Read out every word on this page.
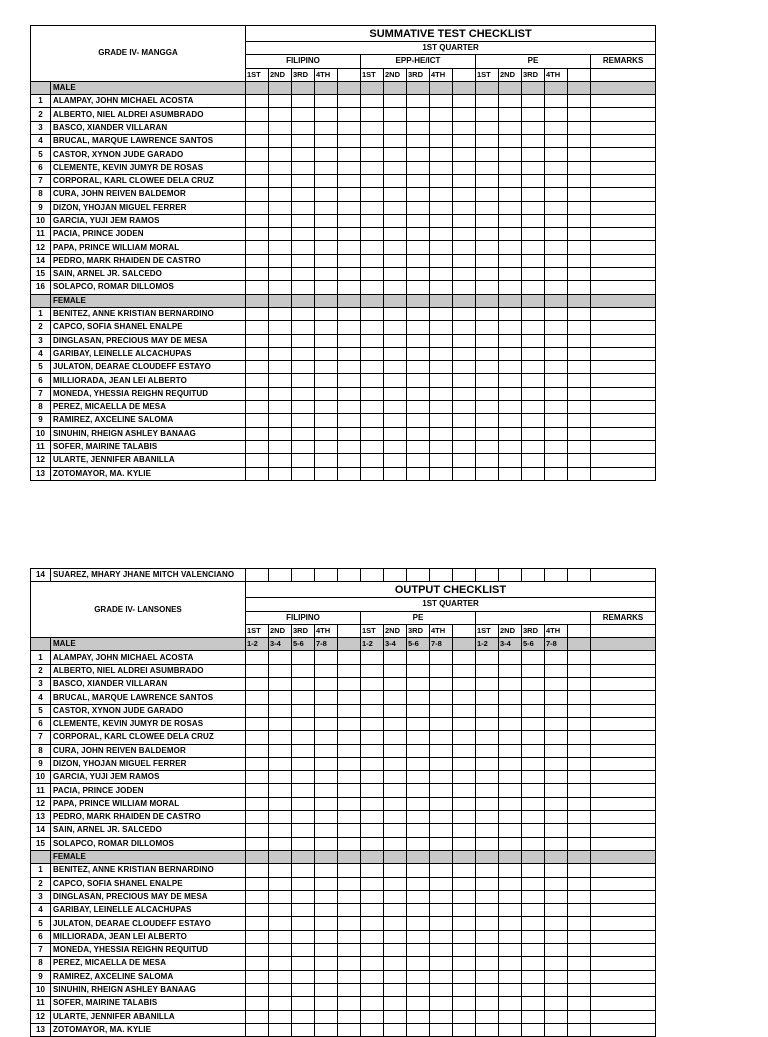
GRADE IV- MANGGA		SUMMATIVE TEST CHECKLIST															
		1ST QUARTER															
		FILIPINO					EPP-HE/ICT					PE					REMARKS
		1ST	2ND	3RD	4TH		1ST	2ND	3RD	4TH		1ST	2ND	3RD	4TH		
	MALE																
1	ALAMPAY, JOHN MICHAEL ACOSTA																
2	ALBERTO, NIEL ALDREI ASUMBRADO																
3	BASCO, XIANDER VILLARAN																
4	BRUCAL, MARQUE LAWRENCE SANTOS																
5	CASTOR, XYNON JUDE GARADO																
6	CLEMENTE, KEVIN JUMYR DE ROSAS																
7	CORPORAL, KARL CLOWEE DELA CRUZ																
8	CURA, JOHN REIVEN BALDEMOR																
9	DIZON, YHOJAN MIGUEL FERRER																
10	GARCIA, YUJI JEM RAMOS																
11	PACIA, PRINCE JODEN																
12	PAPA, PRINCE WILLIAM MORAL																
14	PEDRO, MARK RHAIDEN DE CASTRO																
15	SAIN, ARNEL JR. SALCEDO																
16	SOLAPCO, ROMAR DILLOMOS																
	FEMALE																
1	BENITEZ, ANNE KRISTIAN BERNARDINO																
2	CAPCO, SOFIA SHANEL ENALPE																
3	DINGLASAN, PRECIOUS MAY DE MESA																
4	GARIBAY, LEINELLE ALCACHUPAS																
5	JULATON, DEARAE CLOUDEFF ESTAYO																
6	MILLIORADA, JEAN LEI ALBERTO																
7	MONEDA, YHESSIA REIGHN REQUITUD																
8	PEREZ, MICAELLA DE MESA																
9	RAMIREZ, AXCELINE SALOMA																
10	SINUHIN, RHEIGN ASHLEY BANAAG																
11	SOFER, MAIRINE TALABIS																
12	ULARTE, JENNIFER ABANILLA																
13	ZOTOMAYOR, MA. KYLIE																
14	SUAREZ, MHARY JHANE MITCH VALENCIANO																
GRADE IV- LANSONES		OUTPUT CHECKLIST															
		1ST QUARTER															
		FILIPINO					PE										REMARKS
		1ST	2ND	3RD	4TH		1ST	2ND	3RD	4TH		1ST	2ND	3RD	4TH		
	MALE	1-2	3-4	5-6	7-8		1-2	3-4	5-6	7-8		1-2	3-4	5-6	7-8		
1	ALAMPAY, JOHN MICHAEL ACOSTA																
2	ALBERTO, NIEL ALDREI ASUMBRADO																
3	BASCO, XIANDER VILLARAN																
4	BRUCAL, MARQUE LAWRENCE SANTOS																
5	CASTOR, XYNON JUDE GARADO																
6	CLEMENTE, KEVIN JUMYR DE ROSAS																
7	CORPORAL, KARL CLOWEE DELA CRUZ																
8	CURA, JOHN REIVEN BALDEMOR																
9	DIZON, YHOJAN MIGUEL FERRER																
10	GARCIA, YUJI JEM RAMOS																
11	PACIA, PRINCE JODEN																
12	PAPA, PRINCE WILLIAM MORAL																
13	PEDRO, MARK RHAIDEN DE CASTRO																
14	SAIN, ARNEL JR. SALCEDO																
15	SOLAPCO, ROMAR DILLOMOS																
	FEMALE																
1	BENITEZ, ANNE KRISTIAN BERNARDINO																
2	CAPCO, SOFIA SHANEL ENALPE																
3	DINGLASAN, PRECIOUS MAY DE MESA																
4	GARIBAY, LEINELLE ALCACHUPAS																
5	JULATON, DEARAE CLOUDEFF ESTAYO																
6	MILLIORADA, JEAN LEI ALBERTO																
7	MONEDA, YHESSIA REIGHN REQUITUD																
8	PEREZ, MICAELLA DE MESA																
9	RAMIREZ, AXCELINE SALOMA																
10	SINUHIN, RHEIGN ASHLEY BANAAG																
11	SOFER, MAIRINE TALABIS																
12	ULARTE, JENNIFER ABANILLA																
13	ZOTOMAYOR, MA. KYLIE																
